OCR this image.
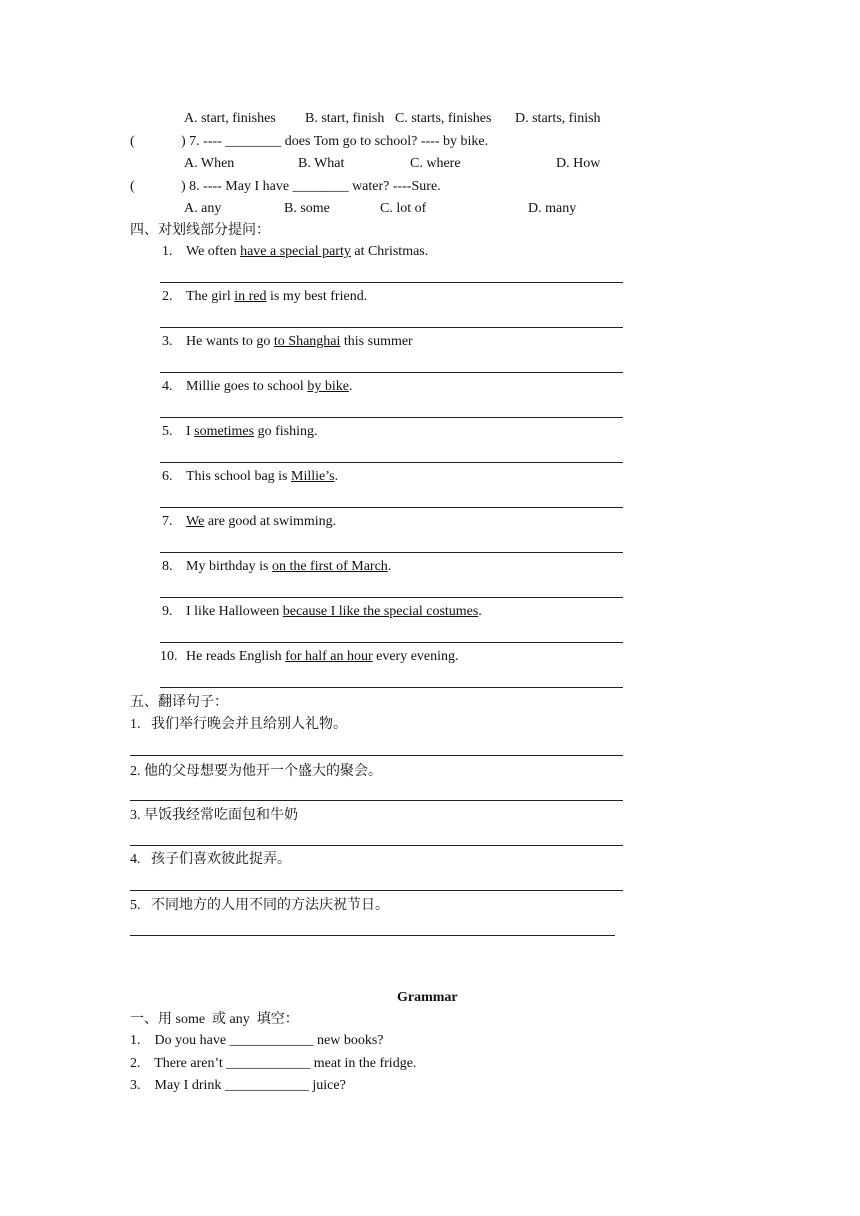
A. start, finishes B. start, finish C. starts, finishes D. starts, finish
(	) 7. ---- ________ does Tom go to school? ---- by bike.
A. When	B. What	C. where	D. How
(	) 8. ---- May I have ________ water? ----Sure.
A. any	B. some	C. lot of	D. many
四、对划线部分提问：
1. We often have a special party at Christmas.
2. The girl in red is my best friend.
3. He wants to go to Shanghai this summer
4. Millie goes to school by bike.
5. I sometimes go fishing.
6. This school bag is Millie’s.
7. We are good at swimming.
8. My birthday is on the first of March.
9. I like Halloween because I like the special costumes.
10. He reads English for half an hour every evening.
五、翻译句子：
1.   我们举行晚会并且给别人礼物。
2. 他的父母想要为他开一个盛大的聚会。
3. 早饭我经常吃面包和牛奶
4.   孩子们喜欢彼此捉弄。
5.   不同地方的人用不同的方法庆祝节日。
Grammar
一、用 some  或 any  填空：
1.    Do you have ____________ new books?
2.    There aren’t ____________ meat in the fridge.
3.    May I drink ____________ juice?
